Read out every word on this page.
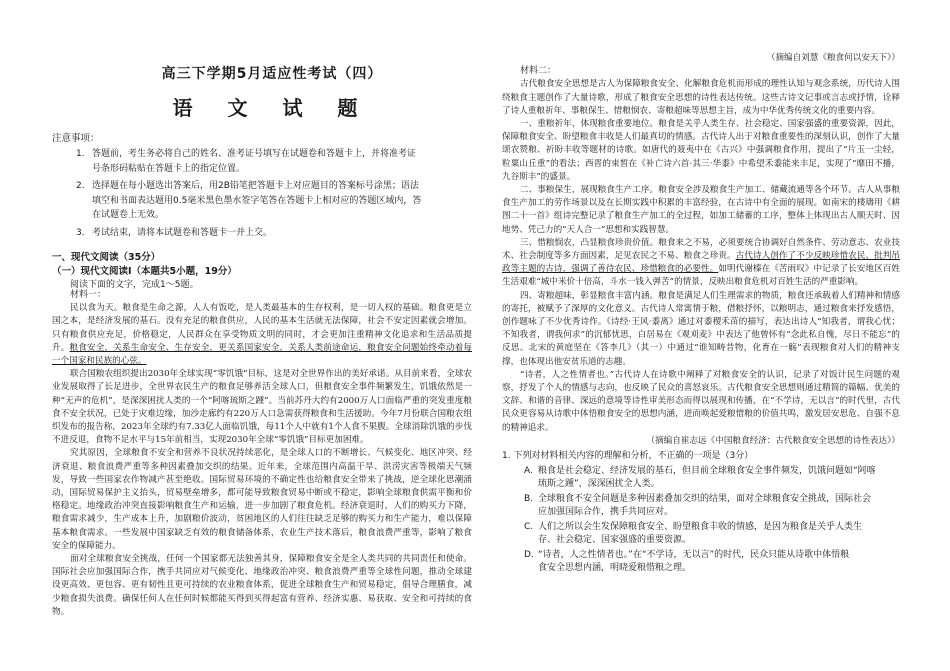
高三下学期5月适应性考试（四）
语 文 试 题
注意事项：
1. 答题前，考生务必将自己的姓名、准考证号填写在试题卷和答题卡上，并将准考证
号条形码粘贴在答题卡上的指定位置。
2. 选择题在每小题选出答案后，用2B铅笔把答题卡上对应题目的答案标号涂黑；语法
填空和书面表达题用0.5毫米黑色墨水签字笔答在答题卡上相对应的答题区域内，答
在试题卷上无效。
3. 考试结束，请将本试题卷和答题卡一并上交。
一、现代文阅读（35分）
（一）现代文阅读Ⅰ（本题共5小题，19分）
阅读下面的文字，完成1～5题。
材料一：

民以食为天。粮食是生命之源，人人有饭吃，是人类最基本的生存权利，是一切人权的基础。粮食更是立国之本，是经济发展的基石。没有充足的粮食供应，人民的基本生活就无法保障，社会不安定因素就会增加。只有粮食供应充足，价格稳定，人民群众在享受物质文明的同时，才会更加注重精神文化追求和生活品质提升。粮食安全，关系生命安全、生存安全，更关系国家安全，关系人类前途命运，粮食安全问题始终牵动着每一个国家和民族的心弦。

联合国粮农组织提出2030年全球实现“零饥饿”目标，这是对全世界作出的美好承诺。从目前来看，全球农业发展取得了长足进步，全世界农民生产的粮食足够养活全球人口，但粮食安全事件频繁发生，饥饿依然是一种“无声的危机”，是深深困扰人类的一个“阿喀琉斯之踵”。当前苏丹大约有2000万人口面临严重的突发重度粮食不安全状况，已处于灾难边缘，加沙走廊约有220万人口急需获得粮食和生活援助。今年7月份联合国粮农组织发布的报告称，2023年全球约有7.33亿人面临饥饿，每11个人中就有1个人食不果腹。全球消除饥饿的步伐不进反退，食物不足水平与15年前相当，实现2030年全球“零饥饿”目标更加困难。

究其原因，全球粮食不安全和营养不良状况持续恶化，是全球人口的不断增长、气候变化、地区冲突、经济衰退、粮食浪费严重等多种因素叠加交织的结果。近年来，全球范围内高温干旱、洪涝灾害等极端天气频发，导致一些国家农作物减产甚至绝收。国际贸易环境的不确定性也给粮食安全带来了挑战，逆全球化思潮涌动，国际贸易保护主义抬头，贸易壁垒增多，都可能导致粮食贸易中断或不稳定，影响全球粮食供需平衡和价格稳定。地缘政治冲突直接影响粮食生产和运输，进一步加剧了粮食危机。经济衰退时，人们的购买力下降，粮食需求减少，生产成本上升，加剧粮价波动，贫困地区的人们往往缺乏足够的购买力和生产能力，难以保障基本粮食需求。一些发展中国家缺乏有效的粮食储备体系，农业生产技术落后，粮食浪费严重等，影响了粮食安全的保障能力。

面对全球粮食安全挑战，任何一个国家都无法独善其身，保障粮食安全是全人类共同的共同责任和使命。国际社会应加强国际合作，携手共同应对气候变化、地缘政治冲突、粮食浪费严重等全球性问题，推动全球建设更高效、更包容、更有韧性且更可持续的农业粮食体系，促进全球粮食生产和贸易稳定，倡导合理膳食，减少粮食损失浪费。确保任何人在任何时候都能买得到买得起富有营养、经济实惠、易获取、安全和可持续的食物。

（摘编自刘慧《粮食何以安天下》）
材料二：

古代粮食安全思想是古人为保障粮食安全、化解粮食危机而形成的理性认知与观念系统，历代诗人围绕粮食主题创作了大量诗歌，形成了粮食安全思想的诗性表达传统。这些古诗文记事或言志或抒情，诠释了诗人重粮祈年、事粮保生、惜粮悯农、寄粮超味等思想主旨，成为中华优秀传统文化的重要内容。

一、重粮祈年，体现粮食重要地位。粮食是关乎人类生存、社会稳定、国家强盛的重要资源，因此，保障粮食安全、盼望粮食丰收是人们最真切的情感。古代诗人出于对粮食重要性的深刻认识，创作了大量颂农赞粮、祈盼丰收等题材的诗歌。如唐代的聂夷中在《古兴》中强调粮食作用，提出了“片玉一尘轻，粒粟山丘重”的看法；西晋的束皙在《补亡诗六首·其三·华黍》中希望禾黍能来丰足，实现了“靡田不播，九谷斯丰”的盛景。

二、事粮保生，展现粮食生产工序。粮食安全涉及粮食生产加工、储藏流通等各个环节。古人从事粮食生产加工的劳作场景以及在长期实践中积累的丰富经验，在古诗中有全面的展现。如南宋的楼璹用《耕图二十一首》组诗完整记录了粮食生产加工的全过程，如加工储蓄的工序，整体上体现出古人顺天时、因地势、凭己力的“天人合一”思想和实践智慧。

三、惜粮悯农，凸显粮食珍贵价值。粮食来之不易，必须要统合协调好自然条件、劳动意志、农业技术、社会制度等多方面因素，足见农民之不易、粮食之珍贵。古代诗人创作了不少反映珍惜农民、批判吊政等主题的古诗，强调了善待农民、珍惜粮食的必要性。如明代谢榛在《苦雨叹》中记录了长安地区百姓生活艰难“城中米价十倍高，斗水一钱入弹苦”的情景，反映出粮食危机对百姓生活的严重影响。

四、寄粮超味，彰显粮食丰富内涵。粮食是满足人们生理需求的物质，粮食还承载着人们精神和情感的寄托，被赋予了深厚的文化意义。古代诗人常寓情于粮，借粮抒怀，以粮明志，通过粮食来抒发感悟，创作题咏了不少优秀诗作。《诗经·王风·黍离》通过对黍稷禾苗的描写，表达出诗人“知我者，谓我心忧；不知我者，谓我何求”的沉郁忧思，白居易在《观刈麦》中表达了他曾怀有“念此私自愧，尽日不能忘”的反思。北宋的黄庭坚在《答李几》（其一）中通过“谁知畴昔物，化育在一觞”表现粮食对人们的精神支撑，也体现出他安贫乐道的志趣。

“诗者，人之性情者也。”古代诗人在诗歌中阐释了对粮食安全的认识，记录了对饭计民生问题的观察，抒发了个人的情感与志向，也反映了民众的喜怒哀乐。古代粮食安全思想则通过精简的篇幅、优美的文辞、和谐的音律、深远的意境等诗性审美形态而得以展现和传播，在“不学诗，无以言”的时代里，古代民众更容易从诗歌中体悟粮食安全的思想内涵，进而唤起爱粮惜粮的价值共鸣，激发居安思危、自强不息的精神追求。

（摘编自崔志远《中国粮食经济：古代粮食安全思想的诗性表达》）
1. 下列对材料相关内容的理解和分析，不正确的一项是（3分）
A. 粮食是社会稳定、经济发展的基石，但目前全球粮食安全事件频发，饥饿问题如“阿喀
琉斯之踵”，深深困扰全人类。
B. 全球粮食不安全问题是多种因素叠加交织的结果，面对全球粮食安全挑战，国际社会
应加强国际合作，携手共同应对。
C. 人们之所以会生发保障粮食安全、盼望粮食丰收的情感，是因为粮食是关乎人类生
存、社会稳定、国家强盛的重要资源。
D. “诗者，人之性情者也。”在“不学诗，无以言”的时代，民众只能从诗歌中体悟粮
食安全思想内涵，明晓爱粮惜粮之理。
